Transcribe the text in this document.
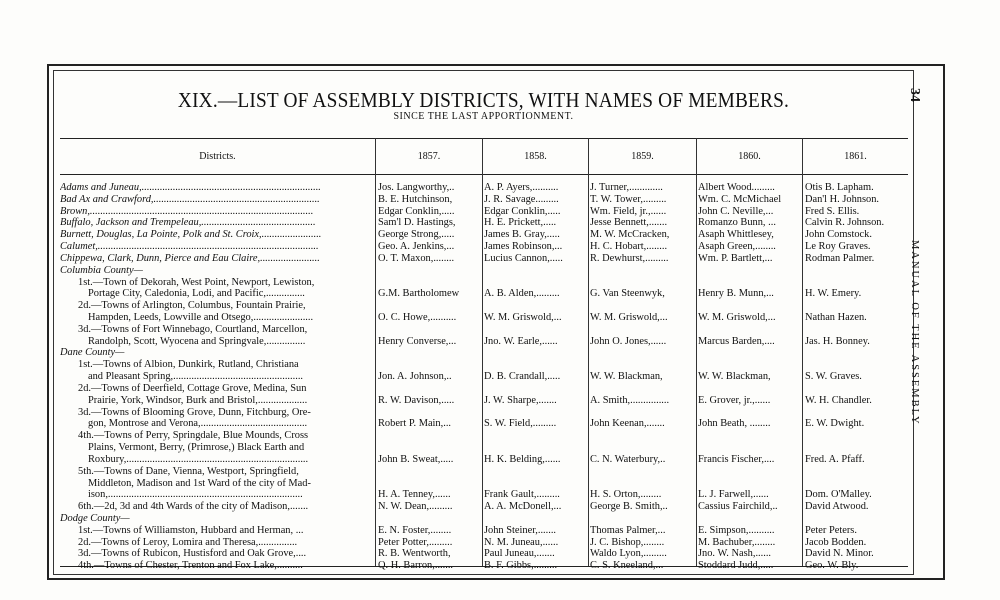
XIX.—LIST OF ASSEMBLY DISTRICTS, WITH NAMES OF MEMBERS.
SINCE THE LAST APPORTIONMENT.
34
MANUAL OF THE ASSEMBLY
Districts.	1857.	1858.	1859.	1860.	1861.
Adams and Juneau,.....................................................................	Jos. Langworthy,..	A. P. Ayers,..........	J. Turner,.............	Albert Wood.........	Otis B. Lapham.
Bad Ax and Crawford,................................................................	B. E. Hutchinson,	J. R. Savage.........	T. W. Tower,.........	Wm. C. McMichael	Dan'l H. Johnson.
Brown,......................................................................................	Edgar Conklin,.....	Edgar Conklin,.....	Wm. Field, jr.,......	John C. Neville,...	Fred S. Ellis.
Buffalo, Jackson and Trempeleau,............................................	Sam'l D. Hastings,	H. E. Prickett,.....	Jesse Bennett,.......	Romanzo Bunn, ...	Calvin R. Johnson.
Burnett, Douglas, La Pointe, Polk and St. Croix,.......................	George Strong,.....	James B. Gray,.....	M. W. McCracken,	Asaph Whittlesey,	John Comstock.
Calumet,.....................................................................................	Geo. A. Jenkins,...	James Robinson,...	H. C. Hobart,........	Asaph Green,........	Le Roy Graves.
Chippewa, Clark, Dunn, Pierce and Eau Claire,.......................	O. T. Maxon,........	Lucius Cannon,.....	R. Dewhurst,.........	Wm. P. Bartlett,...	Rodman Palmer.
Columbia County—
1st.—Town of Dekorah, West Point, Newport, Lewiston,
Portage City, Caledonia, Lodi, and Pacific,...............	G.M. Bartholomew	A. B. Alden,.........	G. Van Steenwyk,	Henry B. Munn,...	H. W. Emery.
2d.—Towns of Arlington, Columbus, Fountain Prairie,
Hampden, Leeds, Lowville and Otsego,.......................	O. C. Howe,..........	W. M. Griswold,...	W. M. Griswold,...	W. M. Griswold,...	Nathan Hazen.
3d.—Towns of Fort Winnebago, Courtland, Marcellon,
Randolph, Scott, Wyocena and Springvale,...............	Henry Converse,...	Jno. W. Earle,......	John O. Jones,......	Marcus Barden,....	Jas. H. Bonney.
Dane County—
1st.—Towns of Albion, Dunkirk, Rutland, Christiana
and Pleasant Spring,..................................................	Jon. A. Johnson,..	D. B. Crandall,.....	W. W. Blackman,	W. W. Blackman,	S. W. Graves.
2d.—Towns of Deerfield, Cottage Grove, Medina, Sun
Prairie, York, Windsor, Burk and Bristol,...................	R. W. Davison,.....	J. W. Sharpe,.......	A. Smith,...............	E. Grover, jr.,......	W. H. Chandler.
3d.—Towns of Blooming Grove, Dunn, Fitchburg, Ore-
gon, Montrose and Verona,.........................................	Robert P. Main,...	S. W. Field,.........	John Keenan,.......	John Beath, ........	E. W. Dwight.
4th.—Towns of Perry, Springdale, Blue Mounds, Cross
Plains, Vermont, Berry, (Primrose,) Black Earth and
Roxbury,......................................................................	John B. Sweat,.....	H. K. Belding,......	C. N. Waterbury,..	Francis Fischer,....	Fred. A. Pfaff.
5th.—Towns of Dane, Vienna, Westport, Springfield,
Middleton, Madison and 1st Ward of the city of Mad-
ison,...........................................................................	H. A. Tenney,......	Frank Gault,.........	H. S. Orton,........	L. J. Farwell,......	Dom. O'Malley.
6th.—2d, 3d and 4th Wards of the city of Madison,.......	N. W. Dean,.........	A. A. McDonell,...	George B. Smith,..	Cassius Fairchild,..	David Atwood.
Dodge County—
1st.—Towns of Williamston, Hubbard and Herman, ...	E. N. Foster,........	John Steiner,.......	Thomas Palmer,...	E. Simpson,..........	Peter Peters.
2d.—Towns of Leroy, Lomira and Theresa,...............	Peter Potter,.........	N. M. Juneau,......	J. C. Bishop,........	M. Bachuber,........	Jacob Bodden.
3d.—Towns of Rubicon, Hustisford and Oak Grove,....	R. B. Wentworth,	Paul Juneau,.......	Waldo Lyon,.........	Jno. W. Nash,......	David N. Minor.
4th.—Towns of Chester, Trenton and Fox Lake,..........	Q. H. Barron,.......	B. F. Gibbs,.........	C. S. Kneeland,...	Stoddard Judd,.....	Geo. W. Bly.
